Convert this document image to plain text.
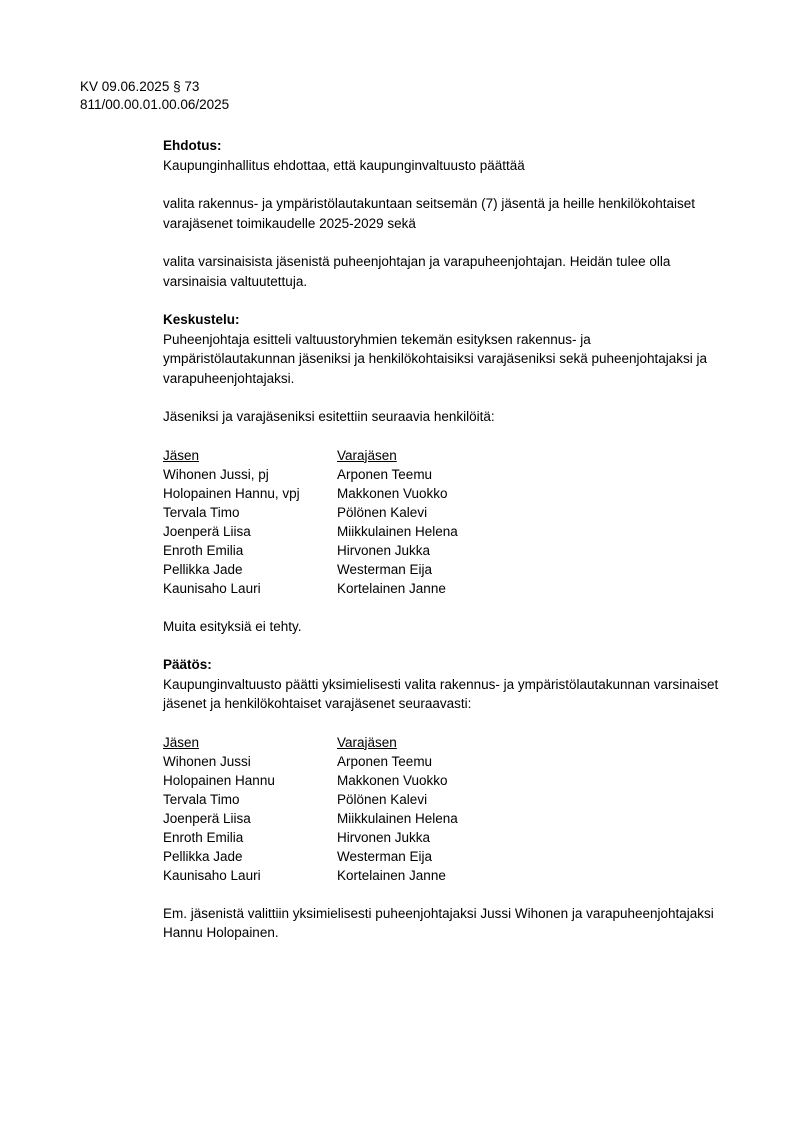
KV 09.06.2025 § 73
811/00.00.01.00.06/2025

Ehdotus:

Kaupunginhallitus ehdottaa, että kaupunginvaltuusto päättää

valita rakennus- ja ympäristölautakuntaan seitsemän (7) jäsentä ja heille henkilökohtaiset varajäsenet toimikaudelle 2025-2029 sekä

valita varsinaisista jäsenistä puheenjohtajan ja varapuheenjohtajan. Heidän tulee olla varsinaisia valtuutettuja.

Keskustelu:

Puheenjohtaja esitteli valtuustoryhmien tekemän esityksen rakennus- ja ympäristölautakunnan jäseniksi ja henkilökohtaisiksi varajäseniksi sekä puheenjohtajaksi ja varapuheenjohtajaksi.

Jäseniksi ja varajäseniksi esitettiin seuraavia henkilöitä:

Jäsen	Varajäsen
Wihonen Jussi, pj	Arponen Teemu
Holopainen Hannu, vpj	Makkonen Vuokko
Tervala Timo	Pölönen Kalevi
Joenperä Liisa	Miikkulainen Helena
Enroth Emilia	Hirvonen Jukka
Pellikka Jade	Westerman Eija
Kaunisaho Lauri	Kortelainen Janne

Muita esityksiä ei tehty.

Päätös:

Kaupunginvaltuusto päätti yksimielisesti valita rakennus- ja ympäristölautakunnan varsinaiset jäsenet ja henkilökohtaiset varajäsenet seuraavasti:

Jäsen	Varajäsen
Wihonen Jussi	Arponen Teemu
Holopainen Hannu	Makkonen Vuokko
Tervala Timo	Pölönen Kalevi
Joenperä Liisa	Miikkulainen Helena
Enroth Emilia	Hirvonen Jukka
Pellikka Jade	Westerman Eija
Kaunisaho Lauri	Kortelainen Janne

Em. jäsenistä valittiin yksimielisesti puheenjohtajaksi Jussi Wihonen ja varapuheenjohtajaksi Hannu Holopainen.
